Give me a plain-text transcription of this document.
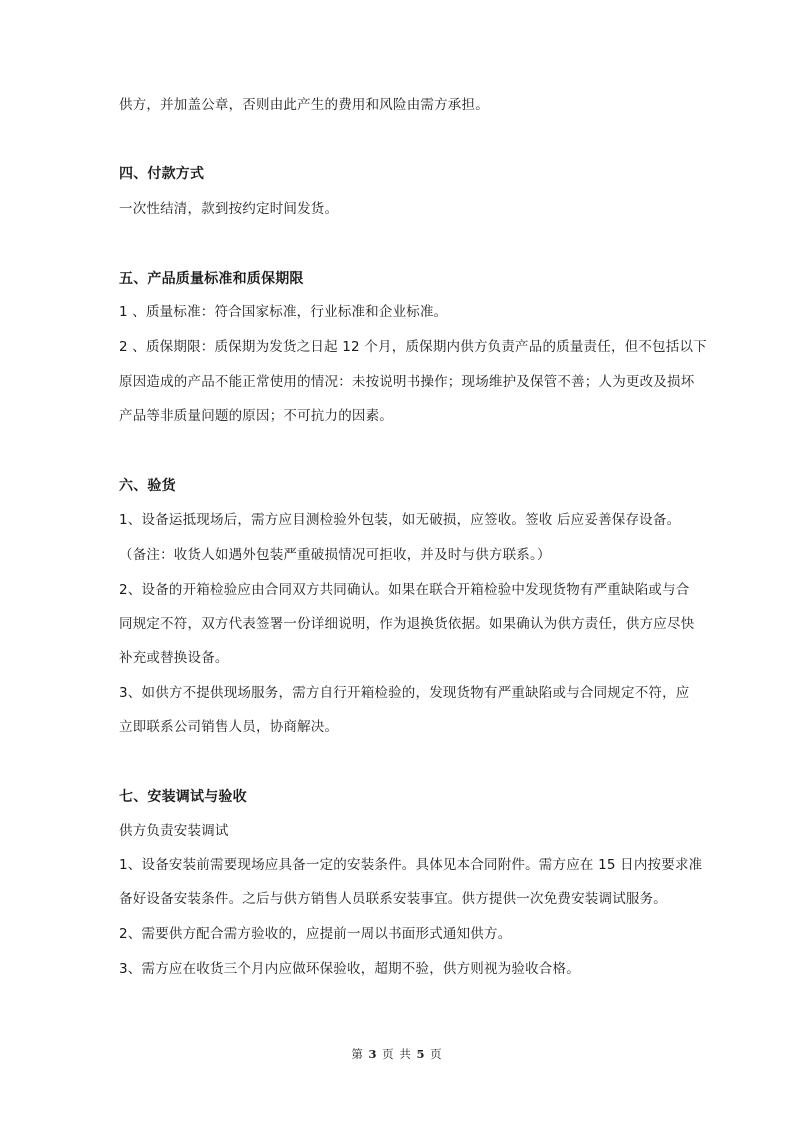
供方，并加盖公章，否则由此产生的费用和风险由需方承担。
四、付款方式
一次性结清，款到按约定时间发货。
五、产品质量标准和质保期限
1 、质量标准：符合国家标准，行业标准和企业标准。
2 、质保期限：质保期为发货之日起 12 个月，质保期内供方负责产品的质量责任，但不包括以下
原因造成的产品不能正常使用的情况：未按说明书操作；现场维护及保管不善；人为更改及损坏
产品等非质量问题的原因；不可抗力的因素。
六、验货
1、设备运抵现场后，需方应目测检验外包装，如无破损，应签收。签收 后应妥善保存设备。
（备注：收货人如遇外包装严重破损情况可拒收，并及时与供方联系。）
2、设备的开箱检验应由合同双方共同确认。如果在联合开箱检验中发现货物有严重缺陷或与合
同规定不符，双方代表签署一份详细说明，作为退换货依据。如果确认为供方责任，供方应尽快
补充或替换设备。
3、如供方不提供现场服务，需方自行开箱检验的，发现货物有严重缺陷或与合同规定不符，应
立即联系公司销售人员，协商解决。
七、安装调试与验收
供方负责安装调试
1、设备安装前需要现场应具备一定的安装条件。具体见本合同附件。需方应在 15 日内按要求准
备好设备安装条件。之后与供方销售人员联系安装事宜。供方提供一次免费安装调试服务。
2、需要供方配合需方验收的，应提前一周以书面形式通知供方。
3、需方应在收货三个月内应做环保验收，超期不验，供方则视为验收合格。
第 3 页 共 5 页
